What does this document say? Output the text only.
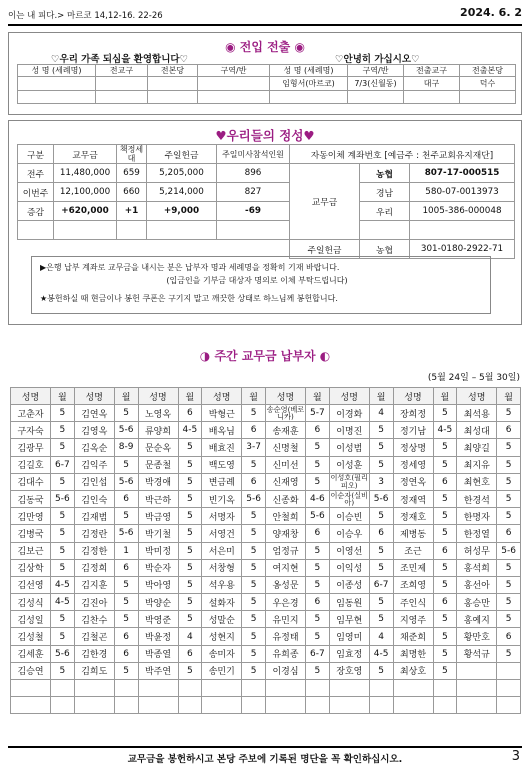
이는 내 피다.> 마르코 14,12-16. 22-26	2024. 6. 2
◉ 전입 전출 ◉
♡우리 가족 되심을 환영합니다♡	♡안녕히 가십시오♡
성 명 (세례명)	전교구	전본당	구역/반	성 명 (세례명)	구역/반	전출교구	전출본당
				임형서(마르코)	7/3(신월동)	대구	덕수

♥우리들의 정성♥
구분	교무금	책정세대	주일헌금	주일미사참석인원	자동이체 계좌번호 [예금주 : 천주교회유지재단]		
전주	11,480,000	659	5,205,000	896	교무금	농협	807-17-000515
이번주	12,100,000	660	5,214,000	827		경남	580-07-0013973
증감	+620,000	+1	+9,000	-69		우리	1005-386-000048

					주일헌금	농협	301-0180-2922-71
▶은행 납부 계좌로 교무금을 내시는 분은 납부자 명과 세례명을 정확히 기재 바랍니다.
(입금인을 기부금 대상자 명의로 이체 부탁드립니다)
★봉헌하실 때 현금이나 봉헌 쿠폰은 구기지 말고 깨끗한 상태로 하느님께 봉헌합니다.
◑ 주간 교무금 납부자 ◐
(5월 24일 – 5월 30일)
성명	월	성명	월	성명	월	성명	월	성명	월	성명	월	성명	월	성명	월
고춘자	5	김연옥	5	노영옥	6	박형근	5	송순영(베로니카)	5-7	이경화	4	장희정	5	최석용	5
구자숙	5	김영옥	5-6	류양희	4-5	배옥님	6	송재훈	6	이명진	5	정기남	4-5	최성대	6
김광무	5	김옥순	8-9	문순옥	5	배효진	3-7	신명철	5	이성범	5	정상명	5	최양길	5
김길호	6-7	김익주	5	문종철	5	백도영	5	신미선	5	이성훈	5	정세영	5	최지유	5
김대수	5	김인섭	5-6	박경애	5	변금례	6	신재영	5	이성호(필리피오)	3	정연옥	6	최현호	5
김동국	5-6	김인숙	6	박근하	5	빈기옥	5-6	신종화	4-6	이순자(실비아)	5-6	정재역	5	한경석	5
김만영	5	김재범	5	박금영	5	서명자	5	안철희	5-6	이승빈	5	정재호	5	한명자	5
김병국	5	김정란	5-6	박기철	5	서영건	5	양재창	6	이승우	6	제병동	5	한정열	6
김보근	5	김정한	1	박미정	5	서은미	5	엄정규	5	이영선	5	조근	6	허성무	5-6
김상학	5	김정희	6	박순자	5	서창형	5	여지현	5	이익성	5	조민제	5	홍석희	5
김선영	4-5	김지훈	5	박아영	5	석우용	5	옹성문	5	이종성	6-7	조희영	5	홍선아	5
김성식	4-5	김진아	5	박양순	5	설화자	5	우은경	6	임동원	5	주인식	6	홍승만	5
김성일	5	김찬수	5	박영준	5	성말순	5	유민지	5	임무현	5	지영주	5	홍예지	5
김성철	5	김철곤	6	박윤정	4	성현지	5	유정태	5	임영미	4	채준희	5	황만호	6
김세훈	5-6	김한경	6	박종열	6	송미자	5	유희종	6-7	임효정	4-5	최명한	5	황석규	5
김승연	5	김희도	5	박주연	5	송민기	5	이경심	5	장호영	5	최상호	5		

교무금을 봉헌하시고 본당 주보에 기록된 명단을 꼭 확인하십시오.	3
